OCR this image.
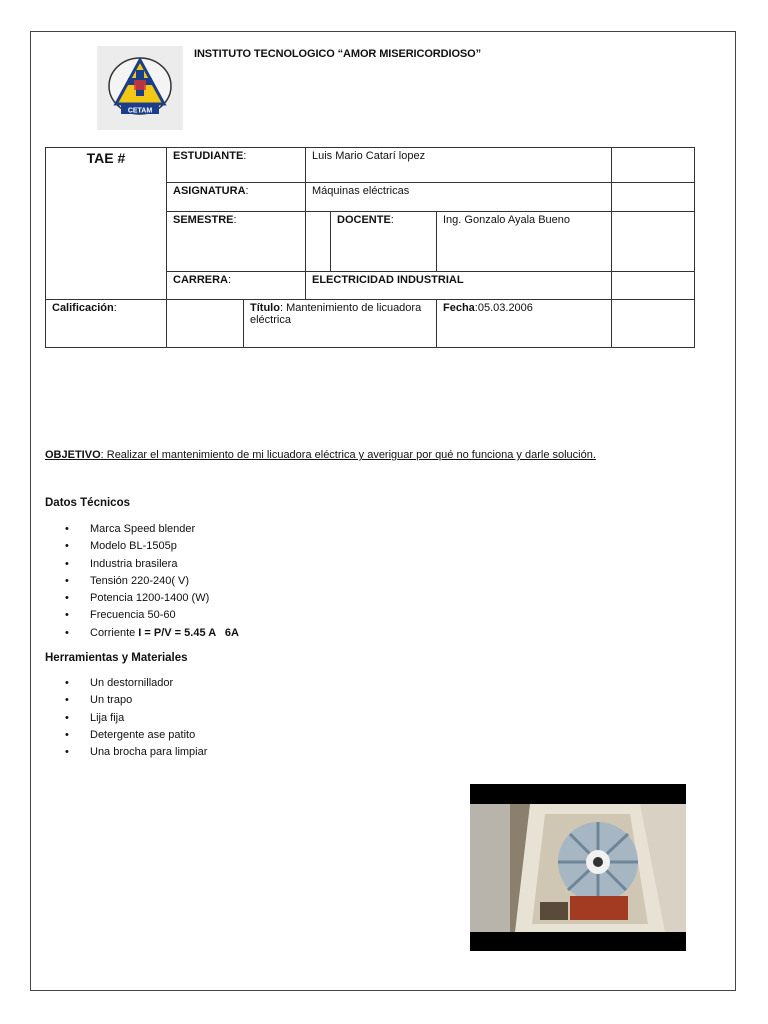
CETAM
INSTITUTO TECNOLOGICO “AMOR MISERICORDIOSO”
TAE #	ESTUDIANTE:		Luis Mario Catarí lopez			
	ASIGNATURA:		Máquinas eléctricas			
	SEMESTRE:			DOCENTE:	Ing. Gonzalo Ayala Bueno	
	CARRERA:		ELECTRICIDAD INDUSTRIAL			
Calificación:		Título: Mantenimiento de licuadora eléctrica			Fecha:05.03.2006	
OBJETIVO: Realizar el mantenimiento de mi licuadora eléctrica y averiguar por qué no funciona y darle solución.
Datos Técnicos
• Marca Speed blender
• Modelo BL-1505p
• Industria brasilera
• Tensión 220-240( V)
• Potencia 1200-1400 (W)
• Frecuencia 50-60
• Corriente I = P/V = 5.45 A   6A
Herramientas y Materiales
• Un destornillador
• Un trapo
• Lija fija
• Detergente ase patito
• Una brocha para limpiar
